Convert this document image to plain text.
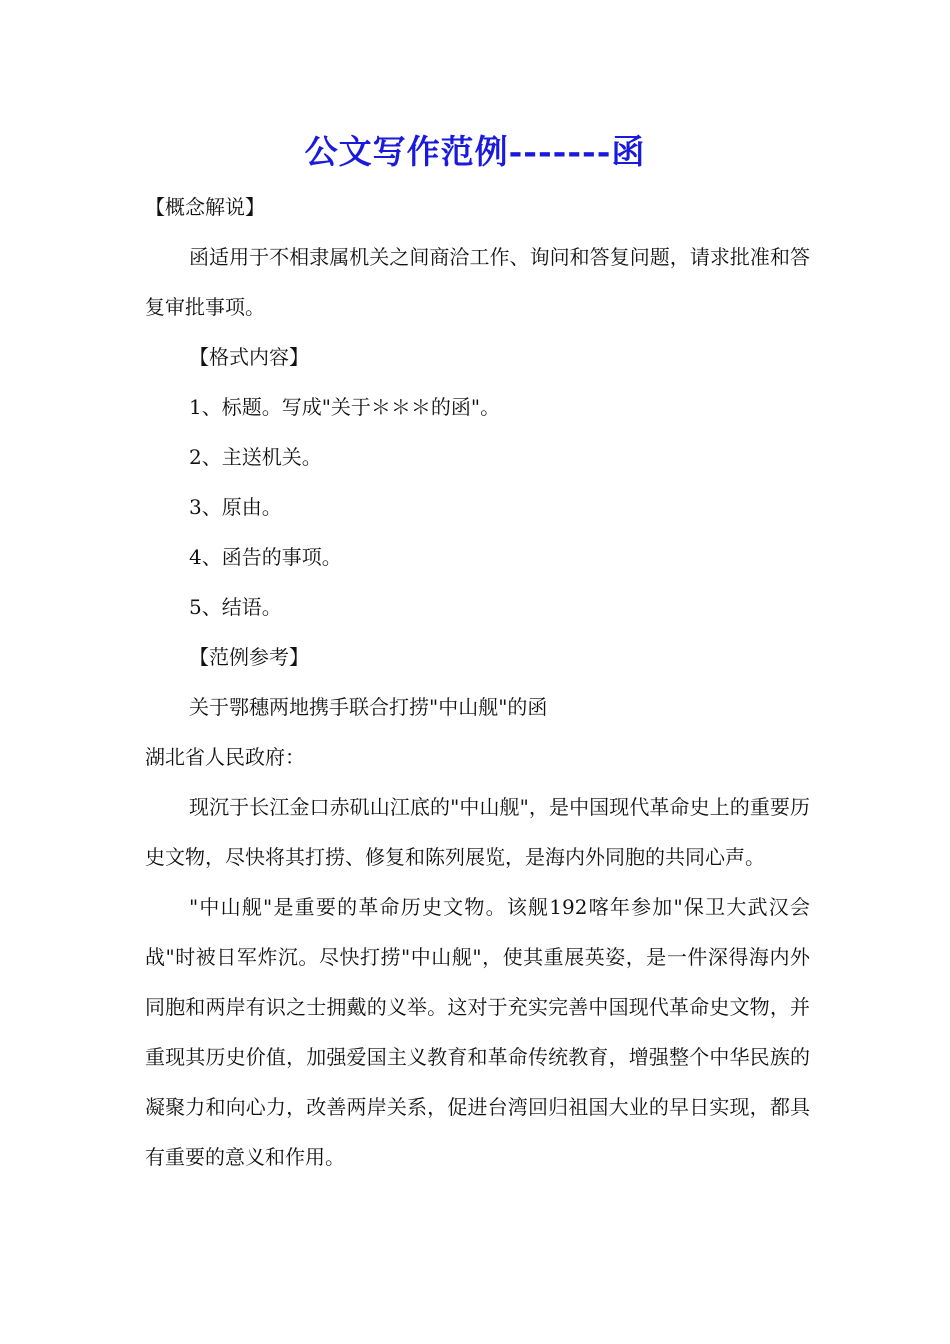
公文写作范例-------函

【概念解说】

函适用于不相隶属机关之间商洽工作、询问和答复问题，请求批准和答复审批事项。

【格式内容】

1、标题。写成"关于＊＊＊的函"。

2、主送机关。

3、原由。

4、函告的事项。

5、结语。

【范例参考】

关于鄂穗两地携手联合打捞"中山舰"的函

湖北省人民政府：

现沉于长江金口赤矶山江底的"中山舰"，是中国现代革命史上的重要历史文物，尽快将其打捞、修复和陈列展览，是海内外同胞的共同心声。

"中山舰"是重要的革命历史文物。该舰192喀年参加"保卫大武汉会战"时被日军炸沉。尽快打捞"中山舰"，使其重展英姿，是一件深得海内外同胞和两岸有识之士拥戴的义举。这对于充实完善中国现代革命史文物，并重现其历史价值，加强爱国主义教育和革命传统教育，增强整个中华民族的凝聚力和向心力，改善两岸关系，促进台湾回归祖国大业的早日实现，都具有重要的意义和作用。
